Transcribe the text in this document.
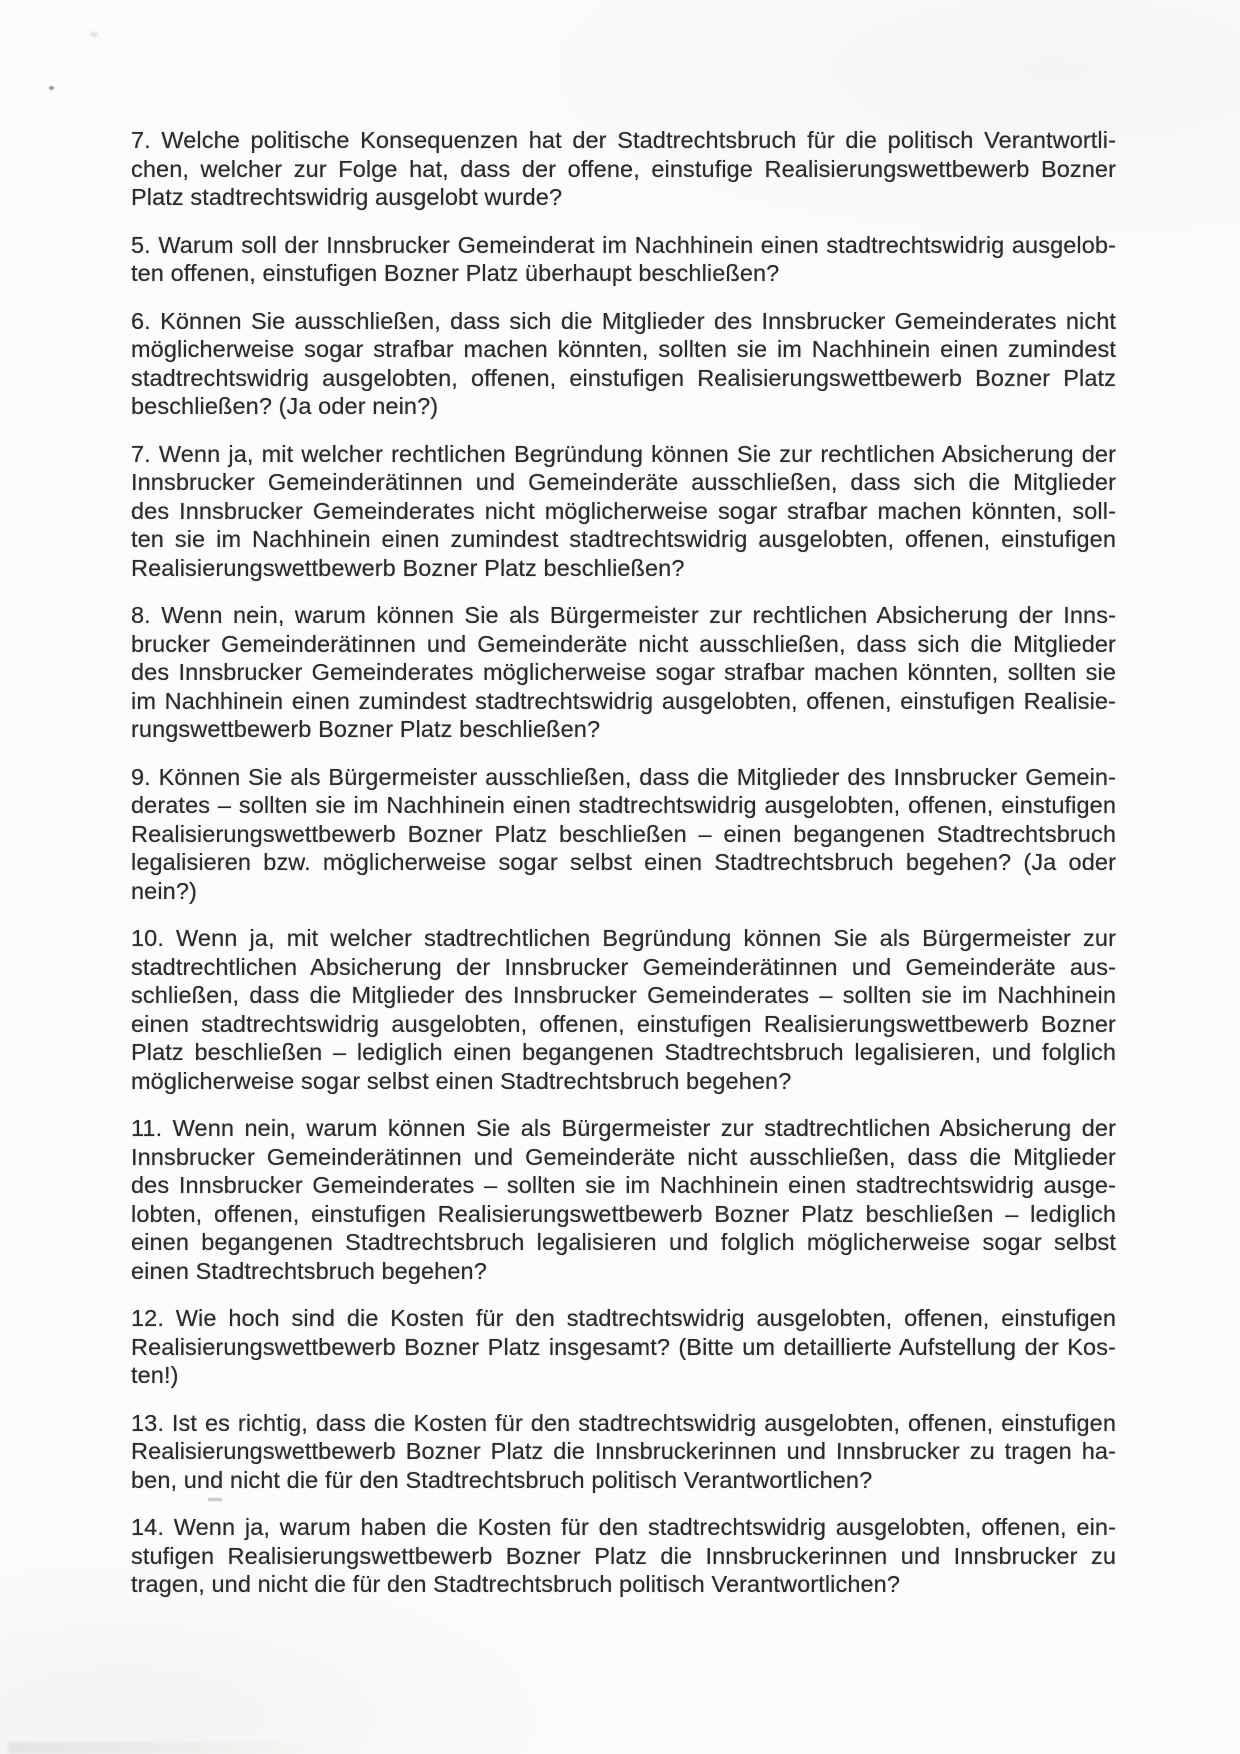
7. Welche politische Konsequenzen hat der Stadtrechtsbruch für die politisch Verantwortli-
chen, welcher zur Folge hat, dass der offene, einstufige Realisierungswettbewerb Bozner
Platz stadtrechtswidrig ausgelobt wurde?
5. Warum soll der Innsbrucker Gemeinderat im Nachhinein einen stadtrechtswidrig ausgelob-
ten offenen, einstufigen Bozner Platz überhaupt beschließen?
6. Können Sie ausschließen, dass sich die Mitglieder des Innsbrucker Gemeinderates nicht
möglicherweise sogar strafbar machen könnten, sollten sie im Nachhinein einen zumindest
stadtrechtswidrig ausgelobten, offenen, einstufigen Realisierungswettbewerb Bozner Platz
beschließen? (Ja oder nein?)
7. Wenn ja, mit welcher rechtlichen Begründung können Sie zur rechtlichen Absicherung der
Innsbrucker Gemeinderätinnen und Gemeinderäte ausschließen, dass sich die Mitglieder
des Innsbrucker Gemeinderates nicht möglicherweise sogar strafbar machen könnten, soll-
ten sie im Nachhinein einen zumindest stadtrechtswidrig ausgelobten, offenen, einstufigen
Realisierungswettbewerb Bozner Platz beschließen?
8. Wenn nein, warum können Sie als Bürgermeister zur rechtlichen Absicherung der Inns-
brucker Gemeinderätinnen und Gemeinderäte nicht ausschließen, dass sich die Mitglieder
des Innsbrucker Gemeinderates möglicherweise sogar strafbar machen könnten, sollten sie
im Nachhinein einen zumindest stadtrechtswidrig ausgelobten, offenen, einstufigen Realisie-
rungswettbewerb Bozner Platz beschließen?
9. Können Sie als Bürgermeister ausschließen, dass die Mitglieder des Innsbrucker Gemein-
derates – sollten sie im Nachhinein einen stadtrechtswidrig ausgelobten, offenen, einstufigen
Realisierungswettbewerb Bozner Platz beschließen – einen begangenen Stadtrechtsbruch
legalisieren bzw. möglicherweise sogar selbst einen Stadtrechtsbruch begehen? (Ja oder
nein?)
10. Wenn ja, mit welcher stadtrechtlichen Begründung können Sie als Bürgermeister zur
stadtrechtlichen Absicherung der Innsbrucker Gemeinderätinnen und Gemeinderäte aus-
schließen, dass die Mitglieder des Innsbrucker Gemeinderates – sollten sie im Nachhinein
einen stadtrechtswidrig ausgelobten, offenen, einstufigen Realisierungswettbewerb Bozner
Platz beschließen – lediglich einen begangenen Stadtrechtsbruch legalisieren, und folglich
möglicherweise sogar selbst einen Stadtrechtsbruch begehen?
11. Wenn nein, warum können Sie als Bürgermeister zur stadtrechtlichen Absicherung der
Innsbrucker Gemeinderätinnen und Gemeinderäte nicht ausschließen, dass die Mitglieder
des Innsbrucker Gemeinderates – sollten sie im Nachhinein einen stadtrechtswidrig ausge-
lobten, offenen, einstufigen Realisierungswettbewerb Bozner Platz beschließen – lediglich
einen begangenen Stadtrechtsbruch legalisieren und folglich möglicherweise sogar selbst
einen Stadtrechtsbruch begehen?
12. Wie hoch sind die Kosten für den stadtrechtswidrig ausgelobten, offenen, einstufigen
Realisierungswettbewerb Bozner Platz insgesamt? (Bitte um detaillierte Aufstellung der Kos-
ten!)
13. Ist es richtig, dass die Kosten für den stadtrechtswidrig ausgelobten, offenen, einstufigen
Realisierungswettbewerb Bozner Platz die Innsbruckerinnen und Innsbrucker zu tragen ha-
ben, und nicht die für den Stadtrechtsbruch politisch Verantwortlichen?
14. Wenn ja, warum haben die Kosten für den stadtrechtswidrig ausgelobten, offenen, ein-
stufigen Realisierungswettbewerb Bozner Platz die Innsbruckerinnen und Innsbrucker zu
tragen, und nicht die für den Stadtrechtsbruch politisch Verantwortlichen?
